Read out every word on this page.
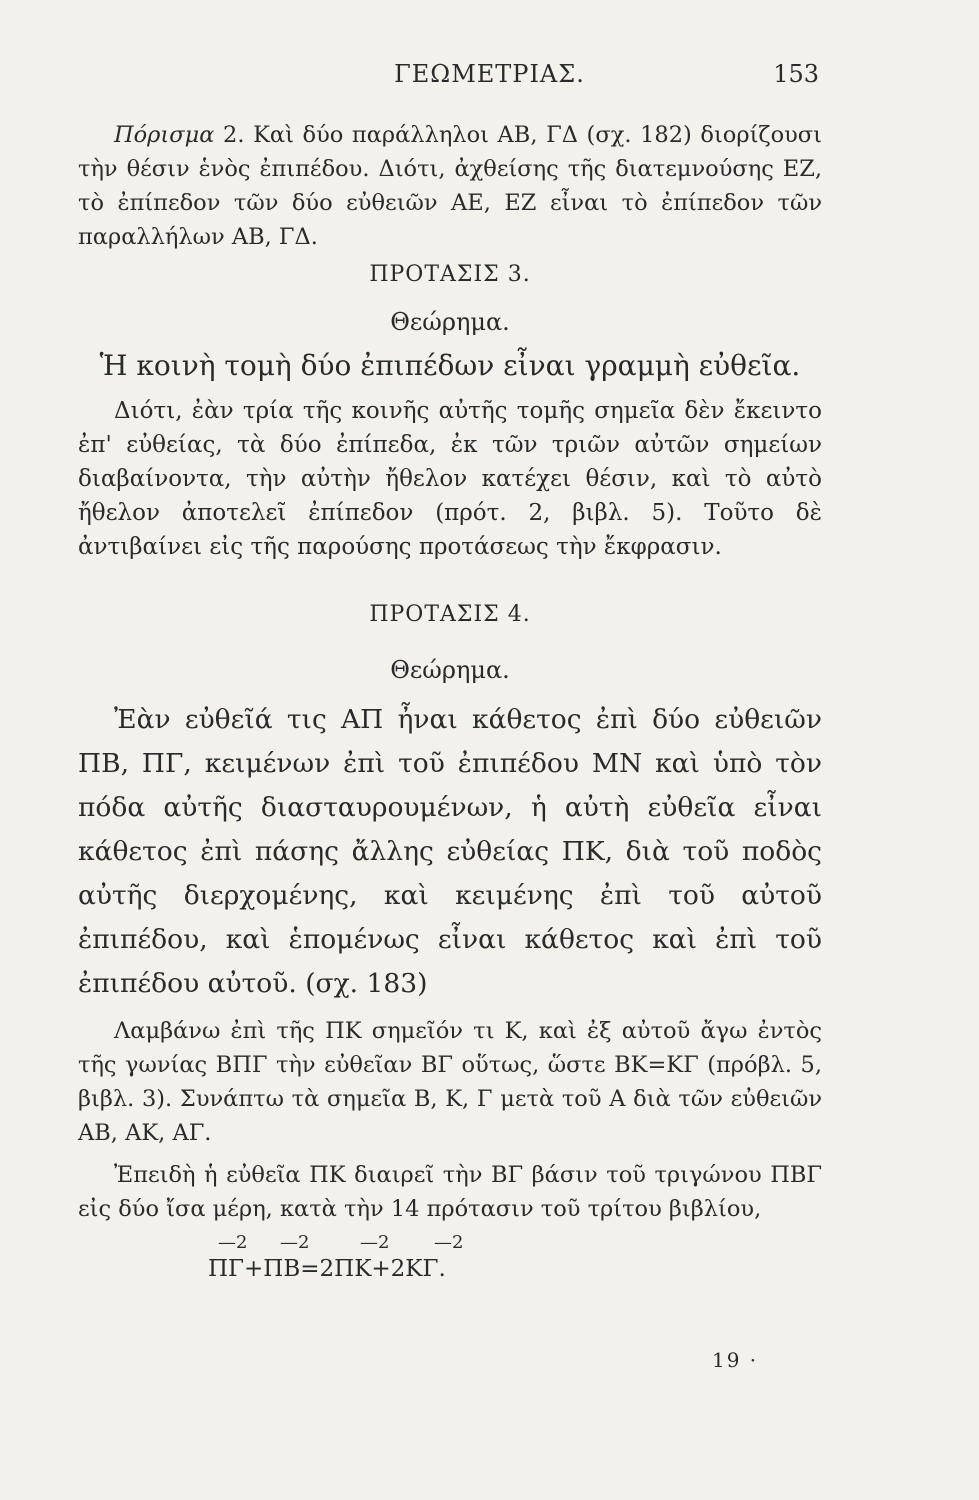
ΓΕΩΜΕΤΡΙΑΣ.	153

Πόρισμα 2. Καὶ δύο παράλληλοι ΑΒ, ΓΔ (σχ. 182) διορίζουσι τὴν θέσιν ἑνὸς ἐπιπέδου. Διότι, ἀχθείσης τῆς διατεμνούσης ΕΖ, τὸ ἐπίπεδον τῶν δύο εὐθειῶν ΑΕ, ΕΖ εἶναι τὸ ἐπίπεδον τῶν παραλλήλων ΑΒ, ΓΔ.

ΠΡΟΤΑΣΙΣ 3.
Θεώρημα.

Ἡ κοινὴ τομὴ δύο ἐπιπέδων εἶναι γραμμὴ εὐθεῖα.

Διότι, ἐὰν τρία τῆς κοινῆς αὐτῆς τομῆς σημεῖα δὲν ἔκειντο ἐπ' εὐθείας, τὰ δύο ἐπίπεδα, ἐκ τῶν τριῶν αὐτῶν σημείων διαβαίνοντα, τὴν αὐτὴν ἤθελον κατέχει θέσιν, καὶ τὸ αὐτὸ ἤθελον ἀποτελεῖ ἐπίπεδον (πρότ. 2, βιβλ. 5). Τοῦτο δὲ ἀντιβαίνει εἰς τῆς παρούσης προτάσεως τὴν ἔκφρασιν.

ΠΡΟΤΑΣΙΣ 4.
Θεώρημα.

Ἐὰν εὐθεῖά τις ΑΠ ἦναι κάθετος ἐπὶ δύο εὐθειῶν ΠΒ, ΠΓ, κειμένων ἐπὶ τοῦ ἐπιπέδου ΜΝ καὶ ὑπὸ τὸν πόδα αὐτῆς διασταυρουμένων, ἡ αὐτὴ εὐθεῖα εἶναι κάθετος ἐπὶ πάσης ἄλλης εὐθείας ΠΚ, διὰ τοῦ ποδὸς αὐτῆς διερχομένης, καὶ κειμένης ἐπὶ τοῦ αὐτοῦ ἐπιπέδου, καὶ ἑπομένως εἶναι κάθετος καὶ ἐπὶ τοῦ ἐπιπέδου αὐτοῦ. (σχ. 183)

Λαμβάνω ἐπὶ τῆς ΠΚ σημεῖόν τι Κ, καὶ ἐξ αὐτοῦ ἄγω ἐντὸς τῆς γωνίας ΒΠΓ τὴν εὐθεῖαν ΒΓ οὕτως, ὥστε ΒΚ=ΚΓ (πρόβλ. 5, βιβλ. 3). Συνάπτω τὰ σημεῖα Β, Κ, Γ μετὰ τοῦ Α διὰ τῶν εὐθειῶν ΑΒ, ΑΚ, ΑΓ.

Ἐπειδὴ ἡ εὐθεῖα ΠΚ διαιρεῖ τὴν ΒΓ βάσιν τοῦ τριγώνου ΠΒΓ εἰς δύο ἴσα μέρη, κατὰ τὴν 14 πρότασιν τοῦ τρίτου βιβλίου,

—2 —2	—2 —2
ΠΓ+ΠΒ=2ΠΚ+2ΚΓ.
19 ·
